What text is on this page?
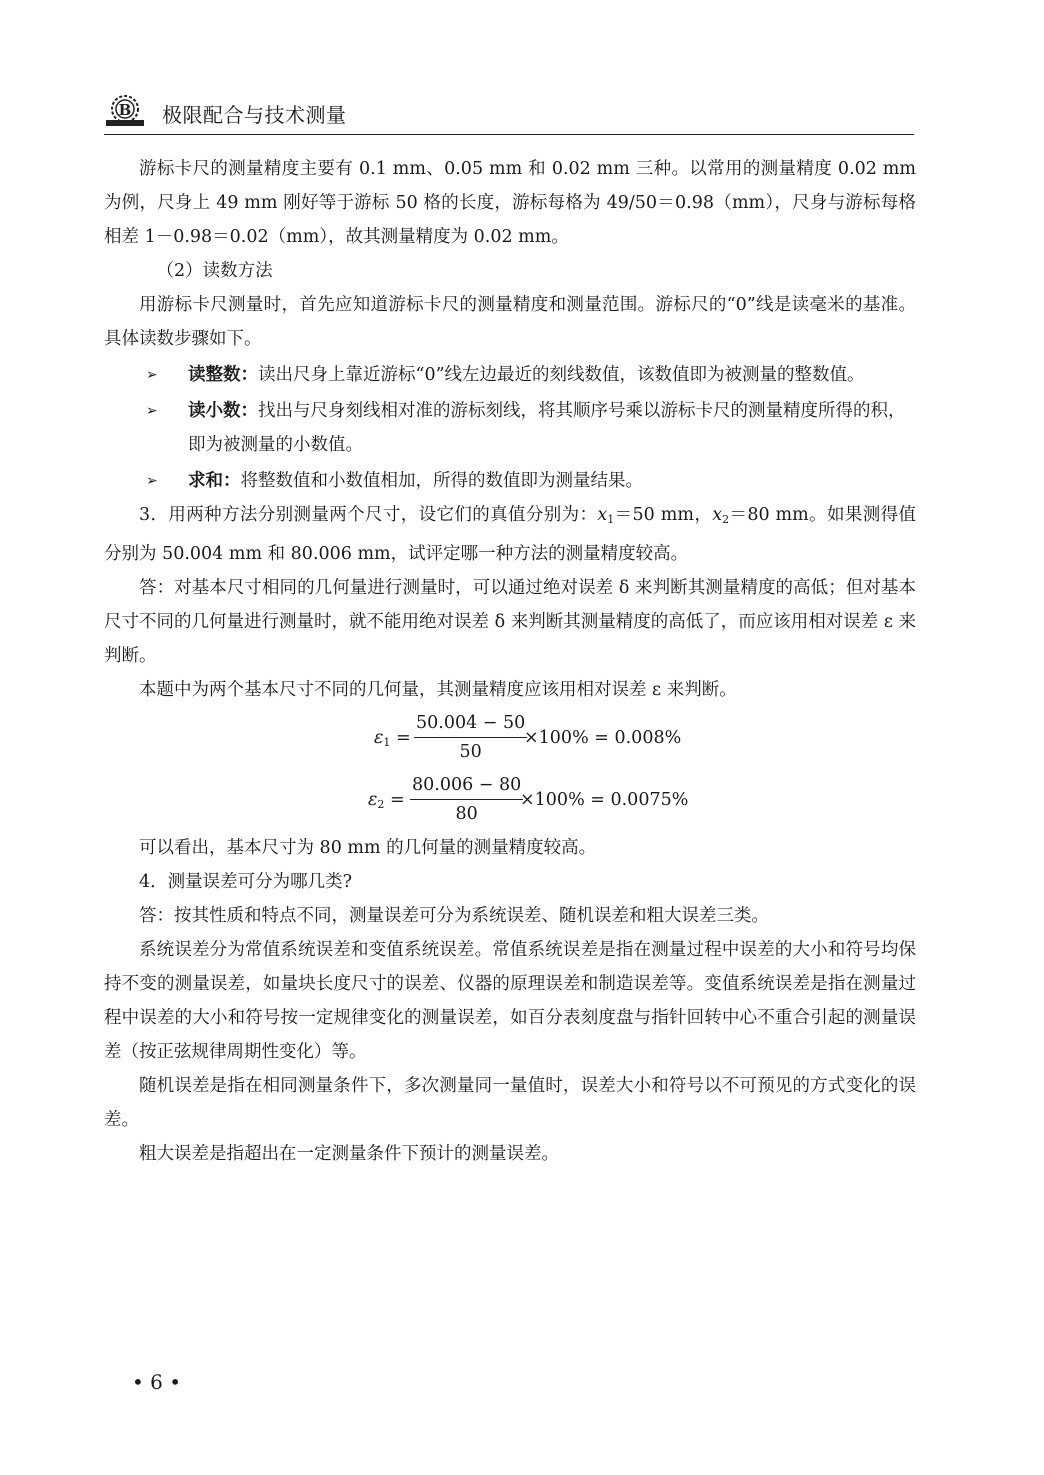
B 极限配合与技术测量

游标卡尺的测量精度主要有 0.1 mm、0.05 mm 和 0.02 mm 三种。以常用的测量精度 0.02 mm 为例，尺身上 49 mm 刚好等于游标 50 格的长度，游标每格为 49/50＝0.98（mm），尺身与游标每格相差 1－0.98＝0.02（mm），故其测量精度为 0.02 mm。

（2）读数方法

用游标卡尺测量时，首先应知道游标卡尺的测量精度和测量范围。游标尺的“0”线是读毫米的基准。具体读数步骤如下。

➢ 读整数：读出尺身上靠近游标“0”线左边最近的刻线数值，该数值即为被测量的整数值。
➢ 读小数：找出与尺身刻线相对准的游标刻线，将其顺序号乘以游标卡尺的测量精度所得的积，即为被测量的小数值。
➢ 求和：将整数值和小数值相加，所得的数值即为测量结果。

3．用两种方法分别测量两个尺寸，设它们的真值分别为：$x_1=50$ mm，$x_2=80$ mm。如果测得值分别为 50.004 mm 和 80.006 mm，试评定哪一种方法的测量精度较高。

答：对基本尺寸相同的几何量进行测量时，可以通过绝对误差 δ 来判断其测量精度的高低；但对基本尺寸不同的几何量进行测量时，就不能用绝对误差 δ 来判断其测量精度的高低了，而应该用相对误差 ε 来判断。

本题中为两个基本尺寸不同的几何量，其测量精度应该用相对误差 ε 来判断。

$\varepsilon_1 = \frac{50.004 - 50}{50}$
×100% = 0.008%
$\varepsilon_2 = \frac{80.006 - 80}{80}$
×100% = 0.0075%

可以看出，基本尺寸为 80 mm 的几何量的测量精度较高。

4．测量误差可分为哪几类?

答：按其性质和特点不同，测量误差可分为系统误差、随机误差和粗大误差三类。

系统误差分为常值系统误差和变值系统误差。常值系统误差是指在测量过程中误差的大小和符号均保持不变的测量误差，如量块长度尺寸的误差、仪器的原理误差和制造误差等。变值系统误差是指在测量过程中误差的大小和符号按一定规律变化的测量误差，如百分表刻度盘与指针回转中心不重合引起的测量误差（按正弦规律周期性变化）等。

随机误差是指在相同测量条件下，多次测量同一量值时，误差大小和符号以不可预见的方式变化的误差。

粗大误差是指超出在一定测量条件下预计的测量误差。

• 6 •
